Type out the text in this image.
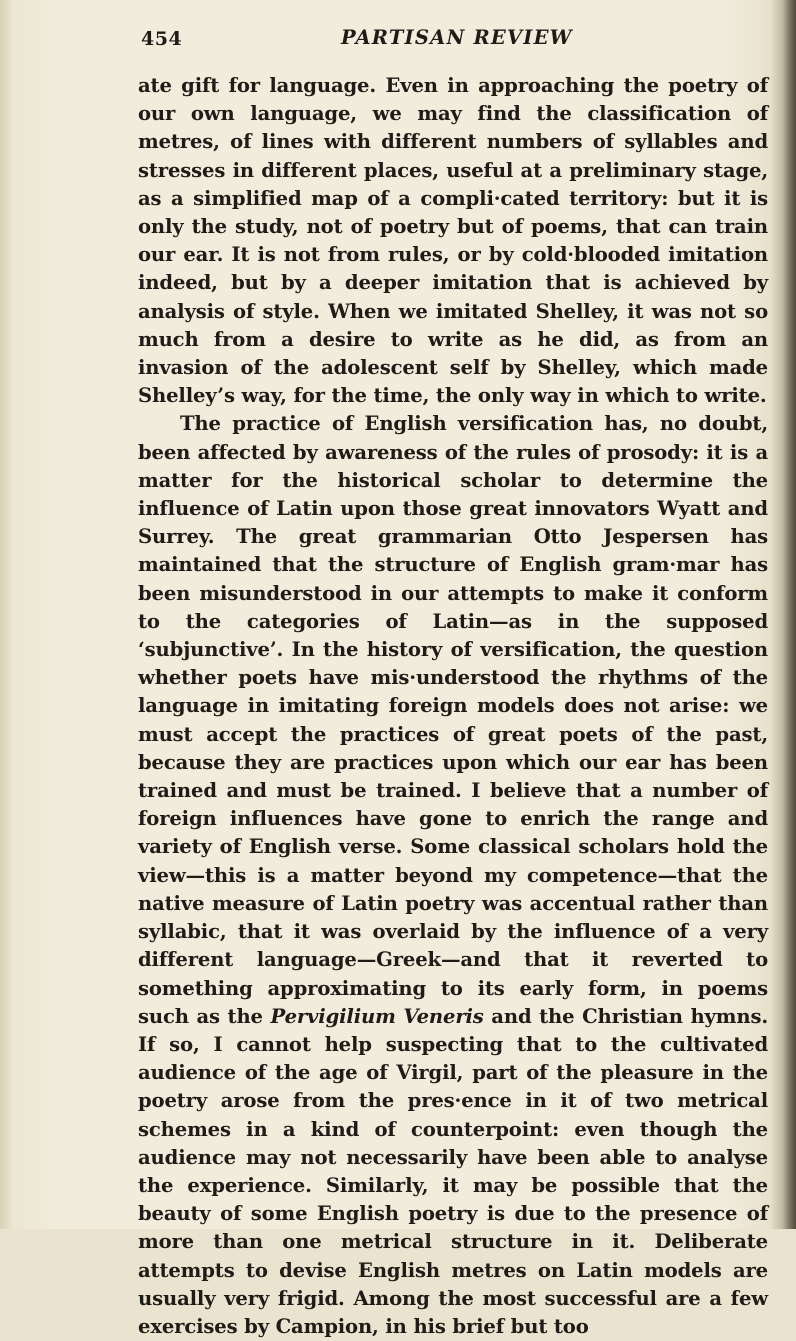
454	PARTISAN REVIEW

ate gift for language. Even in approaching the poetry of our own language, we may find the classification of metres, of lines with different numbers of syllables and stresses in different places, useful at a preliminary stage, as a simplified map of a compli·cated territory: but it is only the study, not of poetry but of poems, that can train our ear. It is not from rules, or by cold·blooded imitation indeed, but by a deeper imitation that is achieved by analysis of style. When we imitated Shelley, it was not so much from a desire to write as he did, as from an invasion of the adolescent self by Shelley, which made Shelley’s way, for the time, the only way in which to write.

The practice of English versification has, no doubt, been affected by awareness of the rules of prosody: it is a matter for the historical scholar to determine the influence of Latin upon those great innovators Wyatt and Surrey. The great grammarian Otto Jespersen has maintained that the structure of English gram·mar has been misunderstood in our attempts to make it conform to the categories of Latin—as in the supposed ‘subjunctive’. In the history of versification, the question whether poets have mis·understood the rhythms of the language in imitating foreign models does not arise: we must accept the practices of great poets of the past, because they are practices upon which our ear has been trained and must be trained. I believe that a number of foreign influences have gone to enrich the range and variety of English verse. Some classical scholars hold the view—this is a matter beyond my competence—that the native measure of Latin poetry was accentual rather than syllabic, that it was overlaid by the influence of a very different language—Greek—and that it reverted to something approximating to its early form, in poems such as the Pervigilium Veneris and the Christian hymns. If so, I cannot help suspecting that to the cultivated audience of the age of Virgil, part of the pleasure in the poetry arose from the pres·ence in it of two metrical schemes in a kind of counterpoint: even though the audience may not necessarily have been able to analyse the experience. Similarly, it may be possible that the beauty of some English poetry is due to the presence of more than one metrical structure in it. Deliberate attempts to devise English metres on Latin models are usually very frigid. Among the most successful are a few exercises by Campion, in his brief but too
